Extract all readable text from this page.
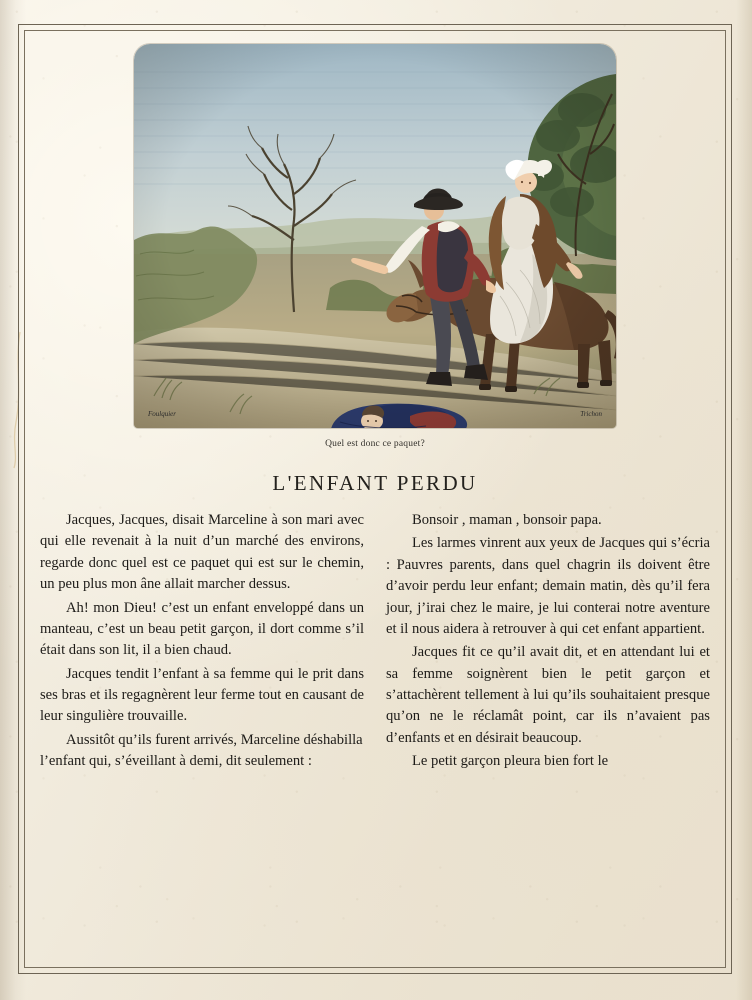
Foulquier	Trichon
Quel est donc ce paquet?
L'ENFANT PERDU

Jacques, Jacques, disait Marceline à son mari avec qui elle revenait à la nuit d’un marché des environs, regarde donc quel est ce paquet qui est sur le chemin, un peu plus mon âne allait marcher dessus.

Ah! mon Dieu! c’est un enfant enveloppé dans un manteau, c’est un beau petit garçon, il dort comme s’il était dans son lit, il a bien chaud.

Jacques tendit l’enfant à sa femme qui le prit dans ses bras et ils regagnèrent leur ferme tout en causant de leur singulière trouvaille.

Aussitôt qu’ils furent arrivés, Marceline déshabilla l’enfant qui, s’éveillant à demi, dit seulement :

Bonsoir , maman , bonsoir papa.

Les larmes vinrent aux yeux de Jacques qui s’écria : Pauvres parents, dans quel chagrin ils doivent être d’avoir perdu leur enfant; demain matin, dès qu’il fera jour, j’irai chez le maire, je lui conterai notre aventure et il nous aidera à retrouver à qui cet enfant appartient.

Jacques fit ce qu’il avait dit, et en attendant lui et sa femme soignèrent bien le petit garçon et s’attachèrent tellement à lui qu’ils souhaitaient presque qu’on ne le réclamât point, car ils n’avaient pas d’enfants et en désirait beaucoup.

Le petit garçon pleura bien fort le
